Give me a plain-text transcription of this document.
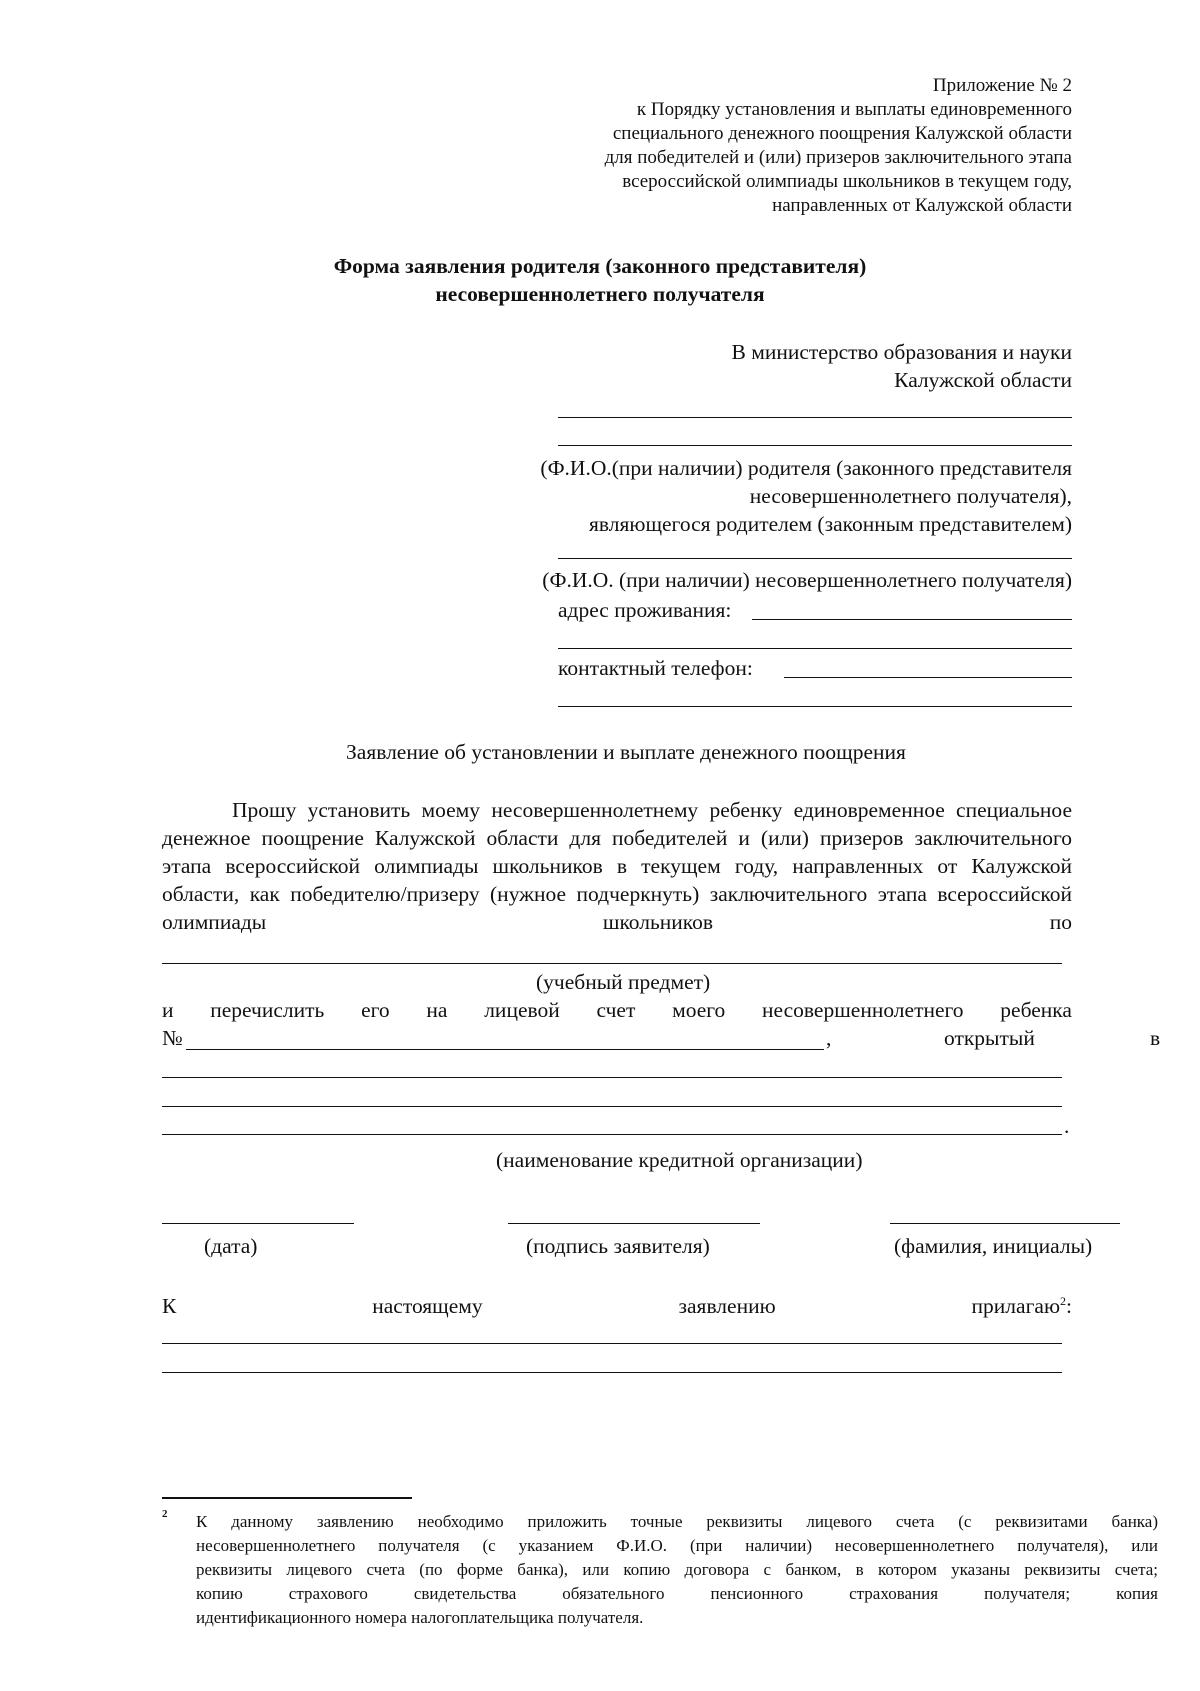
Приложение № 2
к Порядку установления и выплаты единовременного
специального денежного поощрения Калужской области
для победителей и (или) призеров заключительного этапа
всероссийской олимпиады школьников в текущем году,
направленных от Калужской области
Форма заявления родителя (законного представителя)
несовершеннолетнего получателя
В министерство образования и науки
Калужской области
(Ф.И.О.(при наличии) родителя (законного представителя
несовершеннолетнего получателя),
являющегося родителем (законным представителем)
(Ф.И.О. (при наличии) несовершеннолетнего получателя)
адрес проживания:
контактный телефон:
Заявление об установлении и выплате денежного поощрения
Прошу установить моему несовершеннолетнему ребенку единовременное специальное
денежное поощрение Калужской области для победителей и (или) призеров заключительного
этапа всероссийской олимпиады школьников в текущем году, направленных от Калужской
области, как победителю/призеру (нужное подчеркнуть) заключительного этапа всероссийской
олимпиады	школьников	по
(учебный предмет)
и перечислить его на лицевой счет моего несовершеннолетнего ребенка
№	,	открытый	в
.
(наименование кредитной организации)
(дата)	(подпись заявителя)	(фамилия, инициалы)
К	настоящему	заявлению	прилагаю$^2$:
2 К данному заявлению необходимо приложить точные реквизиты лицевого счета (с реквизитами банка)
несовершеннолетнего получателя (с указанием Ф.И.О. (при наличии) несовершеннолетнего получателя), или
реквизиты лицевого счета (по форме банка), или копию договора с банком, в котором указаны реквизиты счета;
копию страхового свидетельства обязательного пенсионного страхования получателя; копия
идентификационного номера налогоплательщика получателя.
